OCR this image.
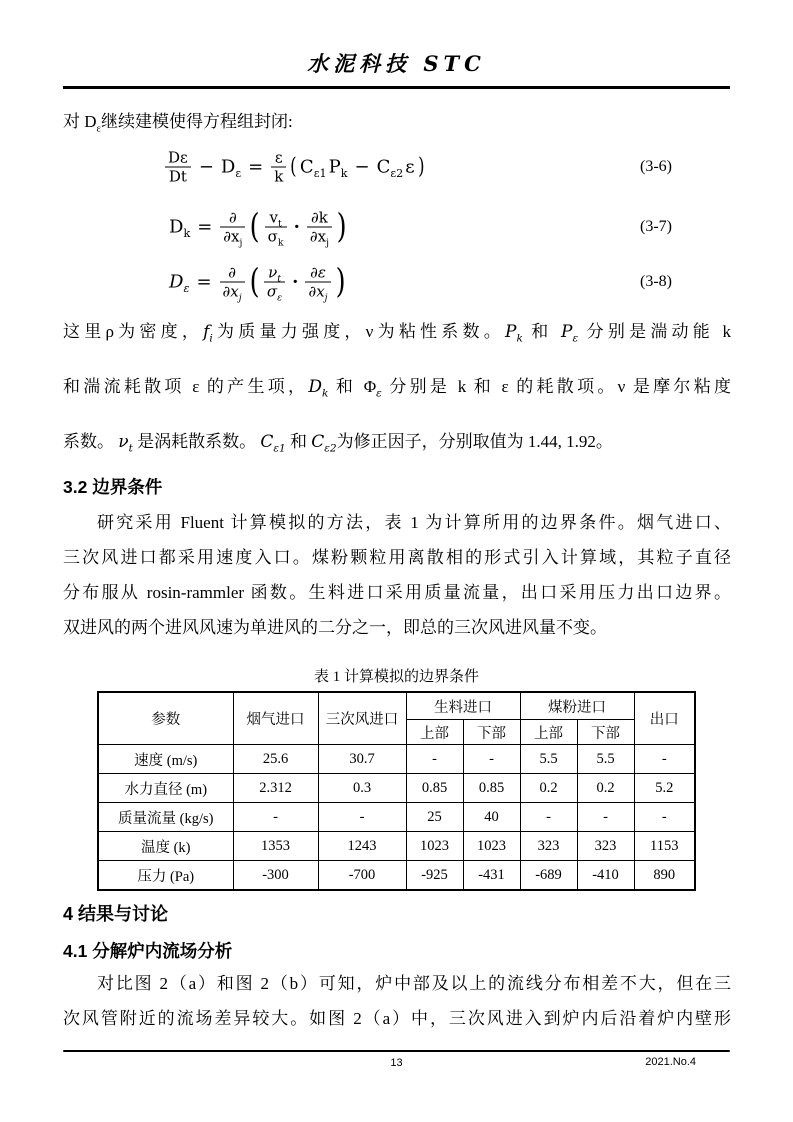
水泥科技 STC
对 $D_\varepsilon$继续建模使得方程组封闭:
$\frac{D\varepsilon}{Dt} - D_\varepsilon = \frac{\varepsilon}{k}$ ( $C_{\varepsilon 1}$ $P_k - C_{\varepsilon 2}$ ε )	(3-6)
$D_k = \frac{\partial}{\partial x_j}$ ( $\frac{v_t}{\sigma_k} \cdot \frac{\partial k}{\partial x_j}$ )	(3-7)
$D_\varepsilon = \frac{\partial}{\partial x_j}$ ( $\frac{\nu_t}{\sigma_\varepsilon} \cdot \frac{\partial\varepsilon}{\partial x_j}$ )	(3-8)
这里ρ为密度，$f_i$为质量力强度，ν为粘性系数。$P_k$ 和 $P_\varepsilon$ 分别是湍动能 k
和湍流耗散项 ε 的产生项，$D_k$ 和 $\Phi_\varepsilon$ 分别是 k 和 ε 的耗散项。ν 是摩尔粘度
系数。 $\nu_t$ 是涡耗散系数。 $C_{\varepsilon 1}$ 和 $C_{\varepsilon 2}$为修正因子，分别取值为 1.44, 1.92。
3.2 边界条件
研究采用 Fluent 计算模拟的方法，表 1 为计算所用的边界条件。烟气进口、
三次风进口都采用速度入口。煤粉颗粒用离散相的形式引入计算域，其粒子直径
分布服从 rosin-rammler 函数。生料进口采用质量流量，出口采用压力出口边界。
双进风的两个进风风速为单进风的二分之一，即总的三次风进风量不变。
表 1 计算模拟的边界条件
参数	烟气进口	三次风进口	生料进口		煤粉进口		出口
			上部	下部	上部	下部	
速度 (m/s)	25.6	30.7	-	-	5.5	5.5	-
水力直径 (m)	2.312	0.3	0.85	0.85	0.2	0.2	5.2
质量流量 (kg/s)	-	-	25	40	-	-	-
温度 (k)	1353	1243	1023	1023	323	323	1153
压力 (Pa)	-300	-700	-925	-431	-689	-410	890
4 结果与讨论
4.1 分解炉内流场分析
对比图 2（a）和图 2（b）可知，炉中部及以上的流线分布相差不大，但在三
次风管附近的流场差异较大。如图 2（a）中，三次风进入到炉内后沿着炉内壁形
13	2021.No.4
